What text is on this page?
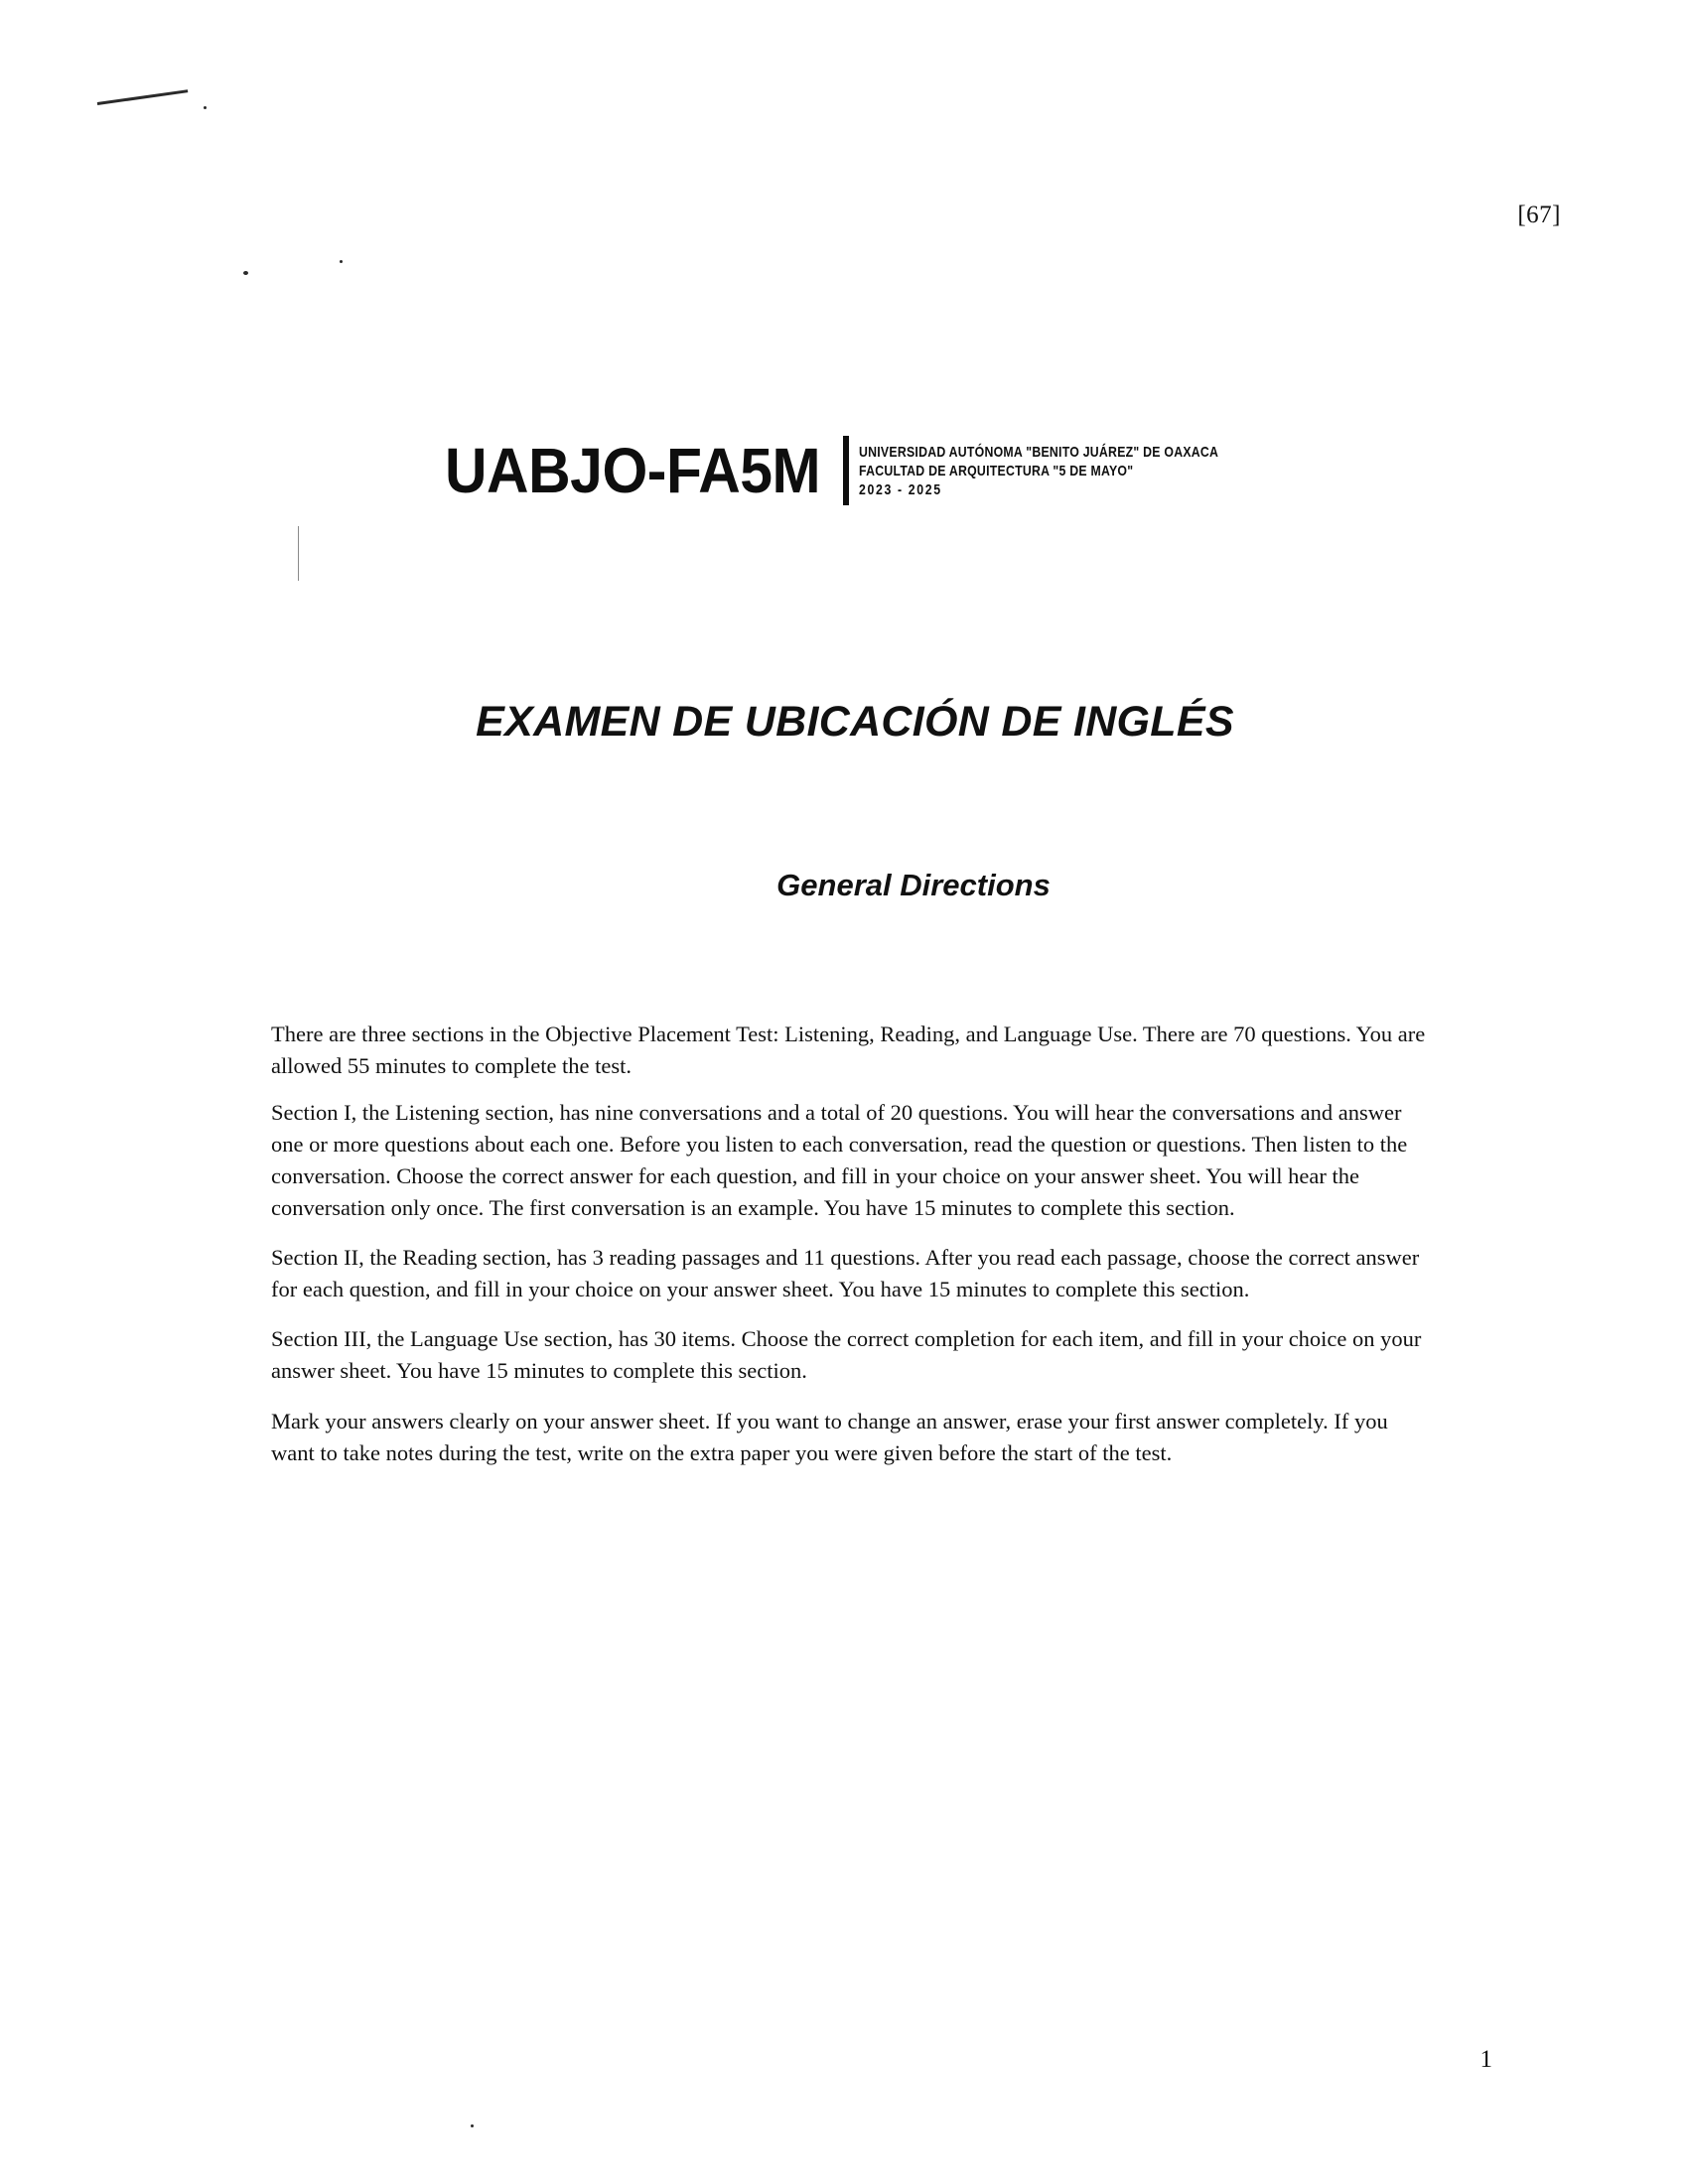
[67]
UABJO-FA5M	UNIVERSIDAD AUTÓNOMA "BENITO JUÁREZ" DE OAXACA
FACULTAD DE ARQUITECTURA "5 DE MAYO"
2023 - 2025
EXAMEN DE UBICACIÓN DE INGLÉS
General Directions

There are three sections in the Objective Placement Test: Listening, Reading, and Language Use. There are 70 questions. You are allowed 55 minutes to complete the test.

Section I, the Listening section, has nine conversations and a total of 20 questions. You will hear the conversations and answer one or more questions about each one. Before you listen to each conversation, read the question or questions. Then listen to the conversation. Choose the correct answer for each question, and fill in your choice on your answer sheet. You will hear the conversation only once. The first conversation is an example. You have 15 minutes to complete this section.

Section II, the Reading section, has 3 reading passages and 11 questions. After you read each passage, choose the correct answer for each question, and fill in your choice on your answer sheet. You have 15 minutes to complete this section.

Section III, the Language Use section, has 30 items. Choose the correct completion for each item, and fill in your choice on your answer sheet. You have 15 minutes to complete this section.

Mark your answers clearly on your answer sheet. If you want to change an answer, erase your first answer completely. If you want to take notes during the test, write on the extra paper you were given before the start of the test.

1
